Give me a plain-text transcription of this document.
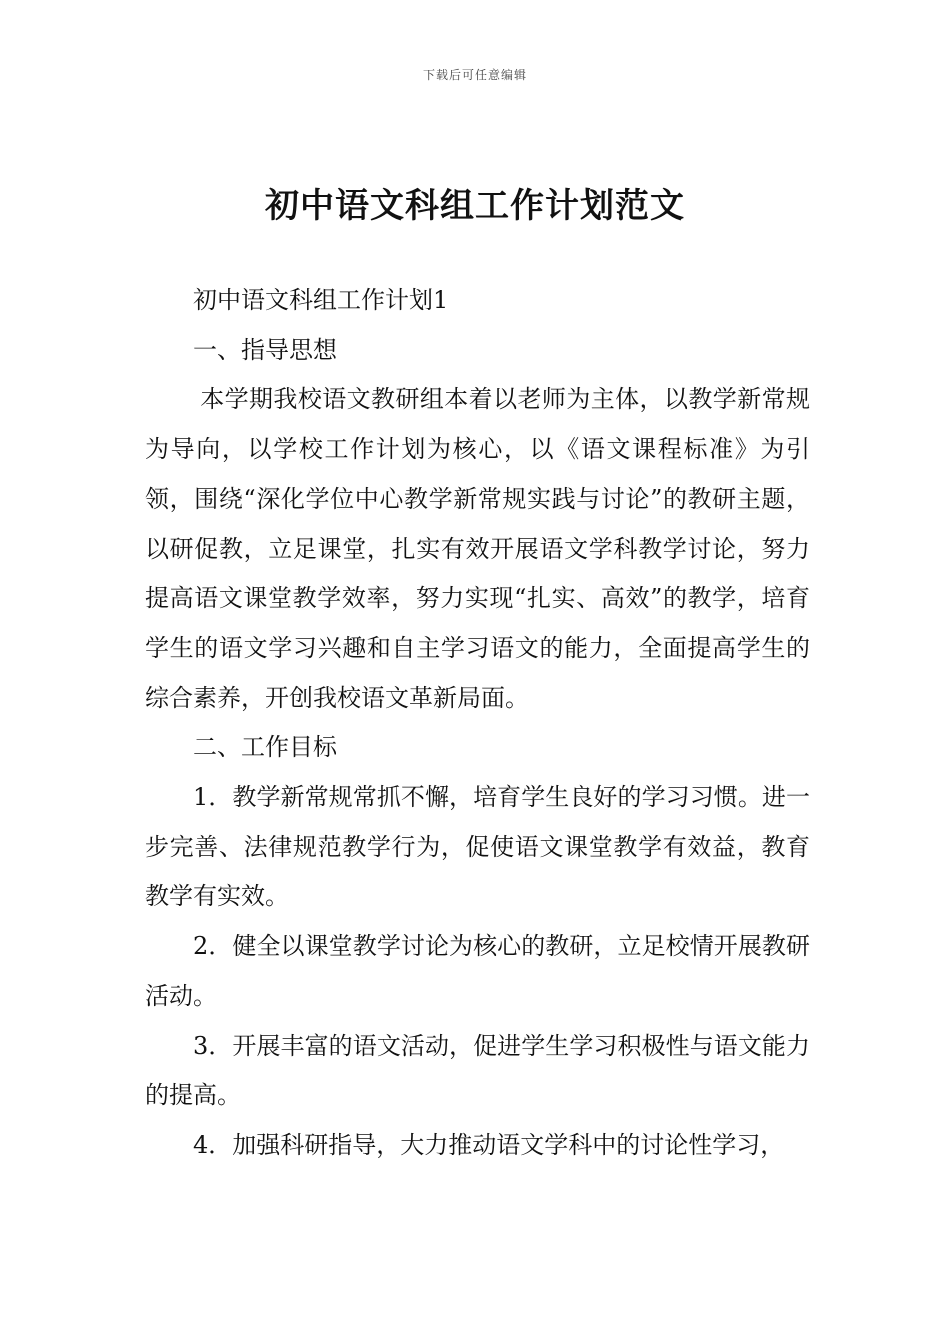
下载后可任意编辑
初中语文科组工作计划范文

初中语文科组工作计划1

一、指导思想

本学期我校语文教研组本着以老师为主体，以教学新常规为导向，以学校工作计划为核心，以《语文课程标准》为引领，围绕“深化学位中心教学新常规实践与讨论”的教研主题，以研促教，立足课堂，扎实有效开展语文学科教学讨论，努力提高语文课堂教学效率，努力实现“扎实、高效”的教学，培育学生的语文学习兴趣和自主学习语文的能力，全面提高学生的综合素养，开创我校语文革新局面。

二、工作目标

1．教学新常规常抓不懈，培育学生良好的学习习惯。进一步完善、法律规范教学行为，促使语文课堂教学有效益，教育教学有实效。

2．健全以课堂教学讨论为核心的教研，立足校情开展教研活动。

3．开展丰富的语文活动，促进学生学习积极性与语文能力的提高。

4．加强科研指导，大力推动语文学科中的讨论性学习，
